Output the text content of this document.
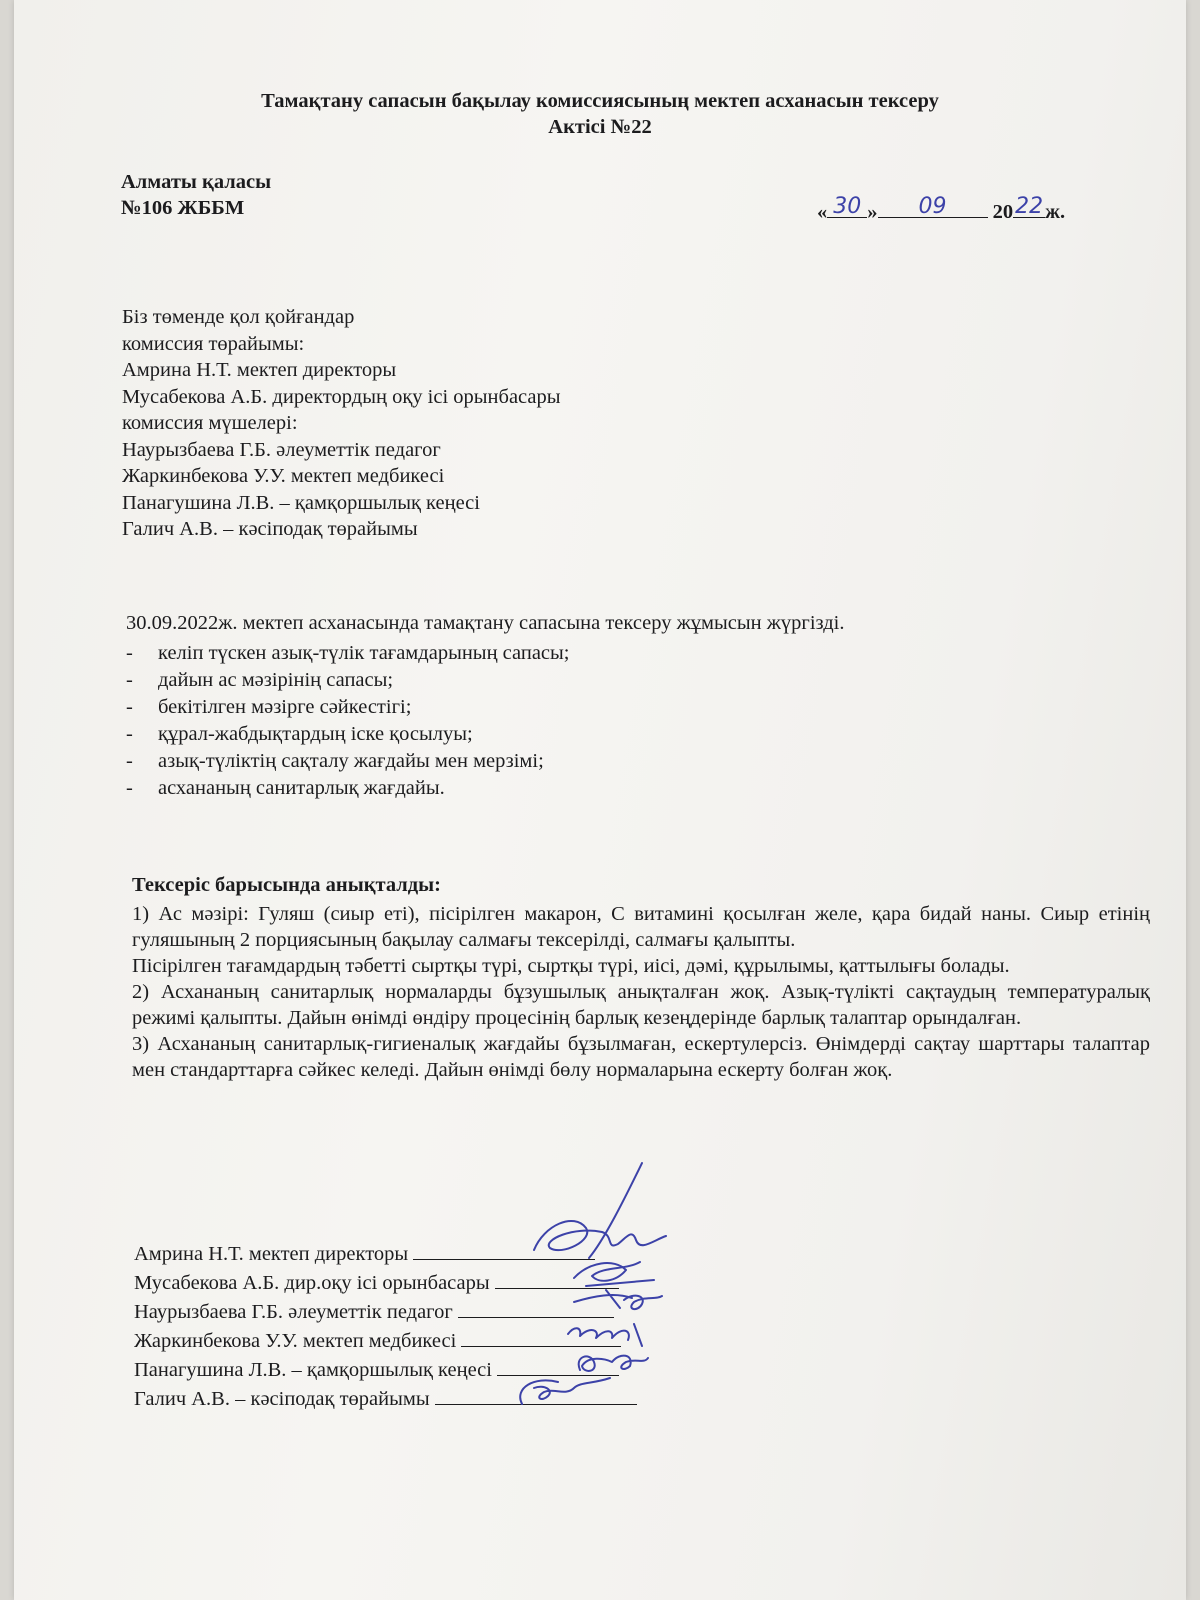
Тамақтану сапасын бақылау комиссиясының мектеп асханасын тексеру
Актісі №22
Алматы қаласы
№106 ЖББМ	« 30 »	09	20 22 ж.
Біз төменде қол қойғандар
комиссия төрайымы:
Амрина Н.Т. мектеп директоры
Мусабекова А.Б. директордың оқу ісі орынбасары
комиссия мүшелері:
Наурызбаева Г.Б. әлеуметтік педагог
Жаркинбекова У.У. мектеп медбикесі
Панагушина Л.В. – қамқоршылық кеңесі
Галич А.В. – кәсіподақ төрайымы
30.09.2022ж. мектеп асханасында тамақтану сапасына тексеру жұмысын жүргізді.
- келіп түскен азық-түлік тағамдарының сапасы;
- дайын ас мәзірінің сапасы;
- бекітілген мәзірге сәйкестігі;
- құрал-жабдықтардың іске қосылуы;
- азық-түліктің сақталу жағдайы мен мерзімі;
- асхананың санитарлық жағдайы.
Тексеріс барысында анықталды:

1) Ас мәзірі: Гуляш (сиыр еті), пісірілген макарон, С витамині қосылған желе, қара бидай наны. Сиыр етінің гуляшының 2 порциясының бақылау салмағы тексерілді, салмағы қалыпты.

Пісірілген тағамдардың тәбетті сыртқы түрі, сыртқы түрі, иісі, дәмі, құрылымы, қаттылығы болады.

2) Асхананың санитарлық нормаларды бұзушылық анықталған жоқ. Азық-түлікті сақтаудың температуралық режимі қалыпты. Дайын өнімді өндіру процесінің барлық кезеңдерінде барлық талаптар орындалған.

3) Асхананың санитарлық-гигиеналық жағдайы бұзылмаған, ескертулерсіз. Өнімдерді сақтау шарттары талаптар мен стандарттарға сәйкес келеді. Дайын өнімді бөлу нормаларына ескерту болған жоқ.

Амрина Н.Т. мектеп директоры
Мусабекова А.Б. дир.оқу ісі орынбасары
Наурызбаева Г.Б. әлеуметтік педагог
Жаркинбекова У.У. мектеп медбикесі
Панагушина Л.В. – қамқоршылық кеңесі
Галич А.В. – кәсіподақ төрайымы
